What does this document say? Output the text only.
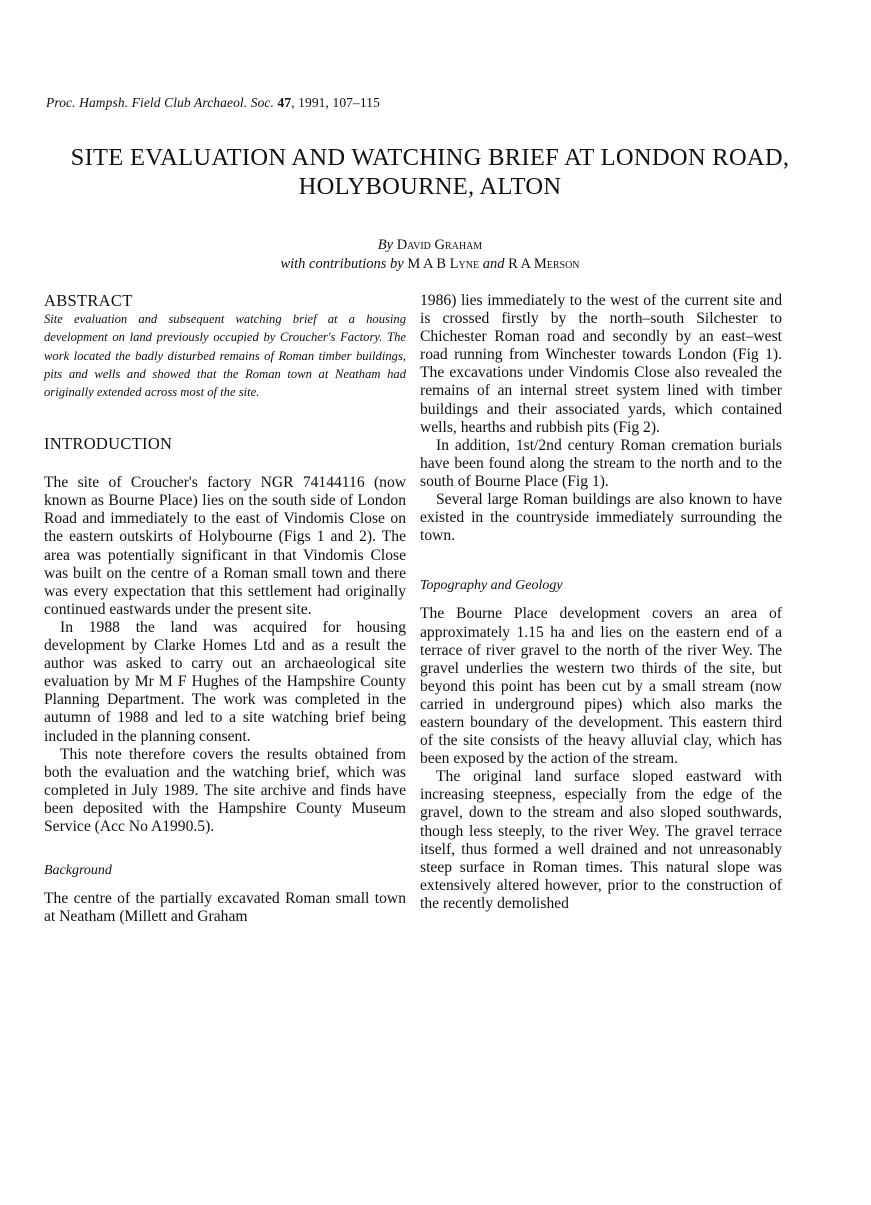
Proc. Hampsh. Field Club Archaeol. Soc. 47, 1991, 107–115
SITE EVALUATION AND WATCHING BRIEF AT LONDON ROAD, HOLYBOURNE, ALTON
By David Graham
with contributions by M A B Lyne and R A Merson
ABSTRACT

Site evaluation and subsequent watching brief at a housing development on land previously occupied by Croucher's Factory. The work located the badly disturbed remains of Roman timber buildings, pits and wells and showed that the Roman town at Neatham had originally extended across most of the site.

INTRODUCTION

The site of Croucher's factory NGR 74144116 (now known as Bourne Place) lies on the south side of London Road and immediately to the east of Vindomis Close on the eastern outskirts of Holybourne (Figs 1 and 2). The area was potentially significant in that Vindomis Close was built on the centre of a Roman small town and there was every expectation that this settlement had originally continued eastwards under the present site.

In 1988 the land was acquired for housing development by Clarke Homes Ltd and as a result the author was asked to carry out an archaeological site evaluation by Mr M F Hughes of the Hampshire County Planning Department. The work was completed in the autumn of 1988 and led to a site watching brief being included in the planning consent.

This note therefore covers the results obtained from both the evaluation and the watching brief, which was completed in July 1989. The site archive and finds have been deposited with the Hampshire County Museum Service (Acc No A1990.5).

Background

The centre of the partially excavated Roman small town at Neatham (Millett and Graham

1986) lies immediately to the west of the current site and is crossed firstly by the north–south Silchester to Chichester Roman road and secondly by an east–west road running from Winchester towards London (Fig 1). The excavations under Vindomis Close also revealed the remains of an internal street system lined with timber buildings and their associated yards, which contained wells, hearths and rubbish pits (Fig 2).

In addition, 1st/2nd century Roman cremation burials have been found along the stream to the north and to the south of Bourne Place (Fig 1).

Several large Roman buildings are also known to have existed in the countryside immediately surrounding the town.

Topography and Geology

The Bourne Place development covers an area of approximately 1.15 ha and lies on the eastern end of a terrace of river gravel to the north of the river Wey. The gravel underlies the western two thirds of the site, but beyond this point has been cut by a small stream (now carried in underground pipes) which also marks the eastern boundary of the development. This eastern third of the site consists of the heavy alluvial clay, which has been exposed by the action of the stream.

The original land surface sloped eastward with increasing steepness, especially from the edge of the gravel, down to the stream and also sloped southwards, though less steeply, to the river Wey. The gravel terrace itself, thus formed a well drained and not unreasonably steep surface in Roman times. This natural slope was extensively altered however, prior to the construction of the recently demolished
